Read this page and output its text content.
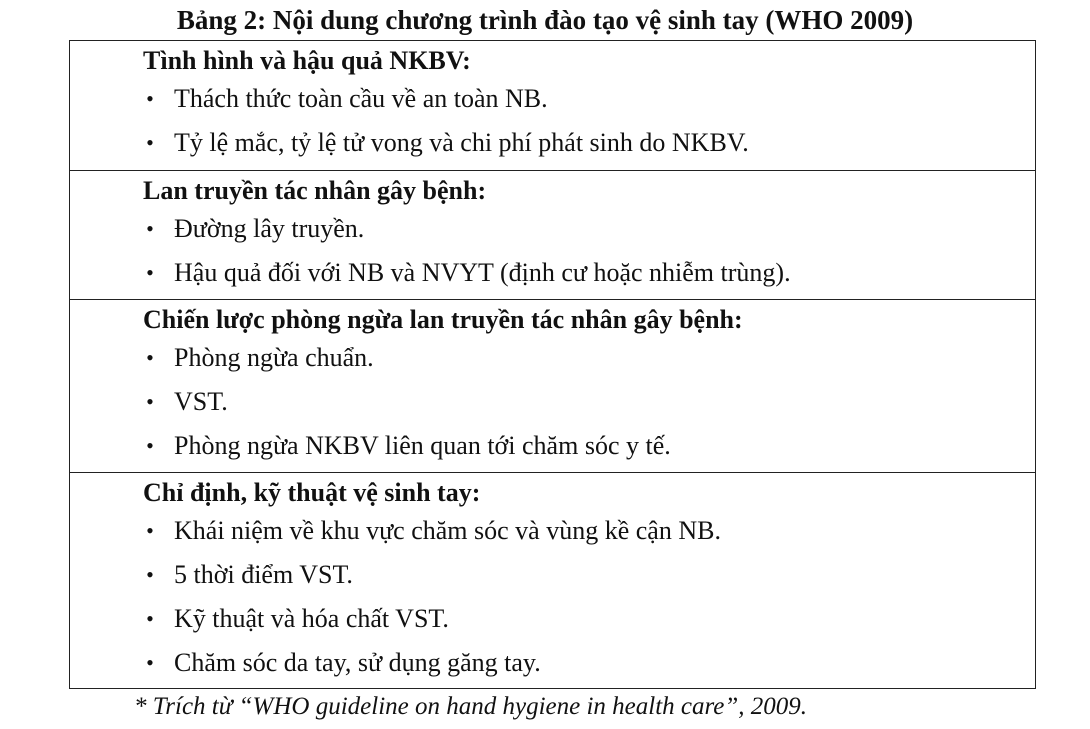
Bảng 2: Nội dung chương trình đào tạo vệ sinh tay (WHO 2009)
Tình hình và hậu quả NKBV:
• Thách thức toàn cầu về an toàn NB.
• Tỷ lệ mắc, tỷ lệ tử vong và chi phí phát sinh do NKBV.
Lan truyền tác nhân gây bệnh:
• Đường lây truyền.
• Hậu quả đối với NB và NVYT (định cư hoặc nhiễm trùng).
Chiến lược phòng ngừa lan truyền tác nhân gây bệnh:
• Phòng ngừa chuẩn.
• VST.
• Phòng ngừa NKBV liên quan tới chăm sóc y tế.
Chỉ định, kỹ thuật vệ sinh tay:
• Khái niệm về khu vực chăm sóc và vùng kề cận NB.
• 5 thời điểm VST.
• Kỹ thuật và hóa chất VST.
• Chăm sóc da tay, sử dụng găng tay.
* Trích từ “WHO guideline on hand hygiene in health care”, 2009.
